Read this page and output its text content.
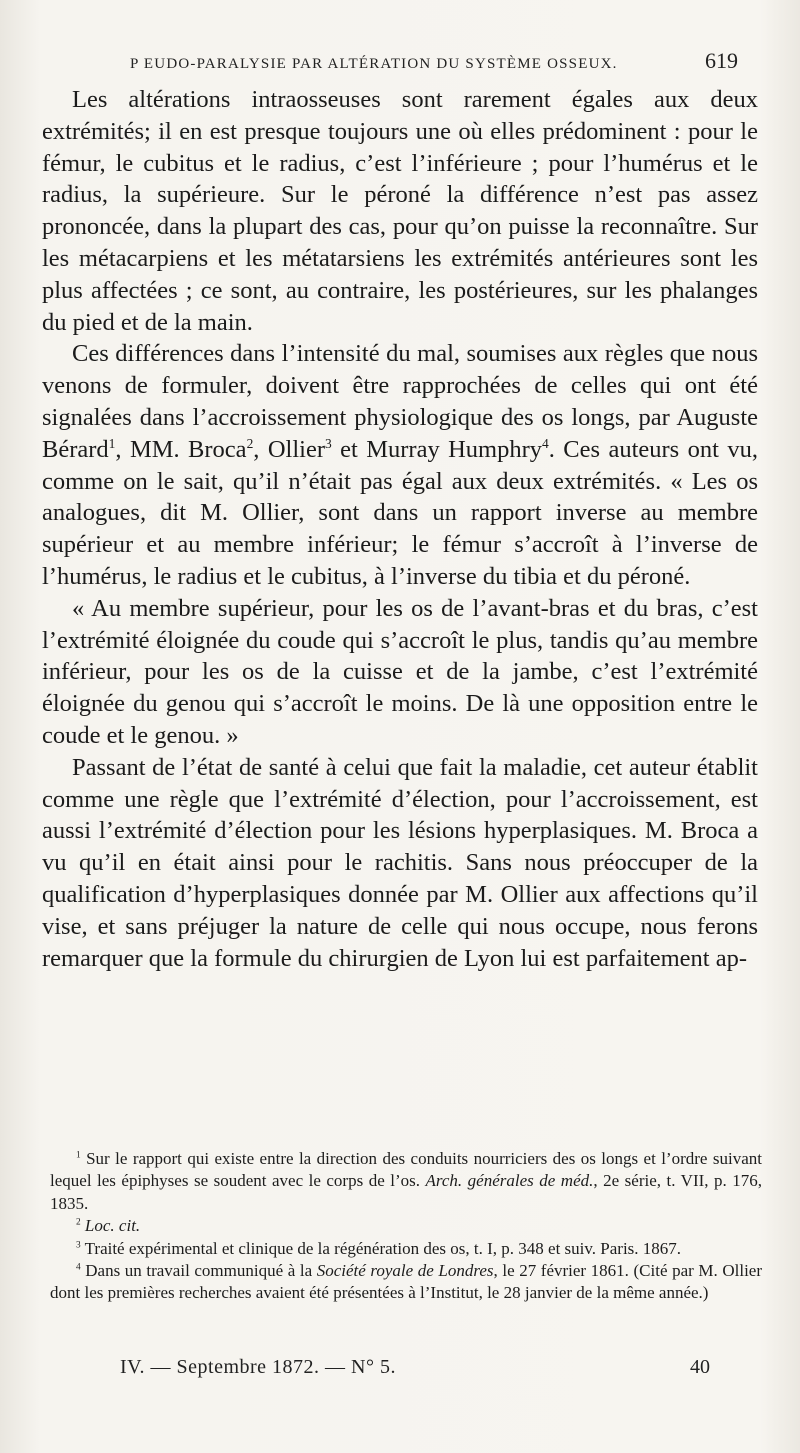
P EUDO-PARALYSIE PAR ALTÉRATION DU SYSTÈME OSSEUX.	619

Les altérations intraosseuses sont rarement égales aux deux extrémités; il en est presque toujours une où elles prédominent : pour le fémur, le cubitus et le radius, c’est l’inférieure ; pour l’humérus et le radius, la supérieure. Sur le péroné la différence n’est pas assez prononcée, dans la plupart des cas, pour qu’on puisse la reconnaître. Sur les métacarpiens et les métatarsiens les extrémités antérieures sont les plus affectées ; ce sont, au contraire, les postérieures, sur les phalanges du pied et de la main.

Ces différences dans l’intensité du mal, soumises aux règles que nous venons de formuler, doivent être rapprochées de celles qui ont été signalées dans l’accroissement physiologique des os longs, par Auguste Bérard$^1$, MM. Broca$^2$, Ollier$^3$ et Murray Humphry$^4$. Ces auteurs ont vu, comme on le sait, qu’il n’était pas égal aux deux extrémités. « Les os analogues, dit M. Ollier, sont dans un rapport inverse au membre supérieur et au membre inférieur; le fémur s’accroît à l’inverse de l’humérus, le radius et le cubitus, à l’inverse du tibia et du péroné.

« Au membre supérieur, pour les os de l’avant-bras et du bras, c’est l’extrémité éloignée du coude qui s’accroît le plus, tandis qu’au membre inférieur, pour les os de la cuisse et de la jambe, c’est l’extrémité éloignée du genou qui s’accroît le moins. De là une opposition entre le coude et le genou. »

Passant de l’état de santé à celui que fait la maladie, cet auteur établit comme une règle que l’extrémité d’élection, pour l’accroissement, est aussi l’extrémité d’élection pour les lésions hyperplasiques. M. Broca a vu qu’il en était ainsi pour le rachitis. Sans nous préoccuper de la qualification d’hyperplasiques donnée par M. Ollier aux affections qu’il vise, et sans préjuger la nature de celle qui nous occupe, nous ferons remarquer que la formule du chirurgien de Lyon lui est parfaitement ap-

$^1$ Sur le rapport qui existe entre la direction des conduits nourriciers des os longs et l’ordre suivant lequel les épiphyses se soudent avec le corps de l’os. Arch. générales de méd., 2e série, t. VII, p. 176, 1835.

$^2$ Loc. cit.

$^3$ Traité expérimental et clinique de la régénération des os, t. I, p. 348 et suiv. Paris. 1867.

$^4$ Dans un travail communiqué à la Société royale de Londres, le 27 février 1861. (Cité par M. Ollier dont les premières recherches avaient été présentées à l’Institut, le 28 janvier de la même année.)

IV. — Septembre 1872. — N° 5.	40
